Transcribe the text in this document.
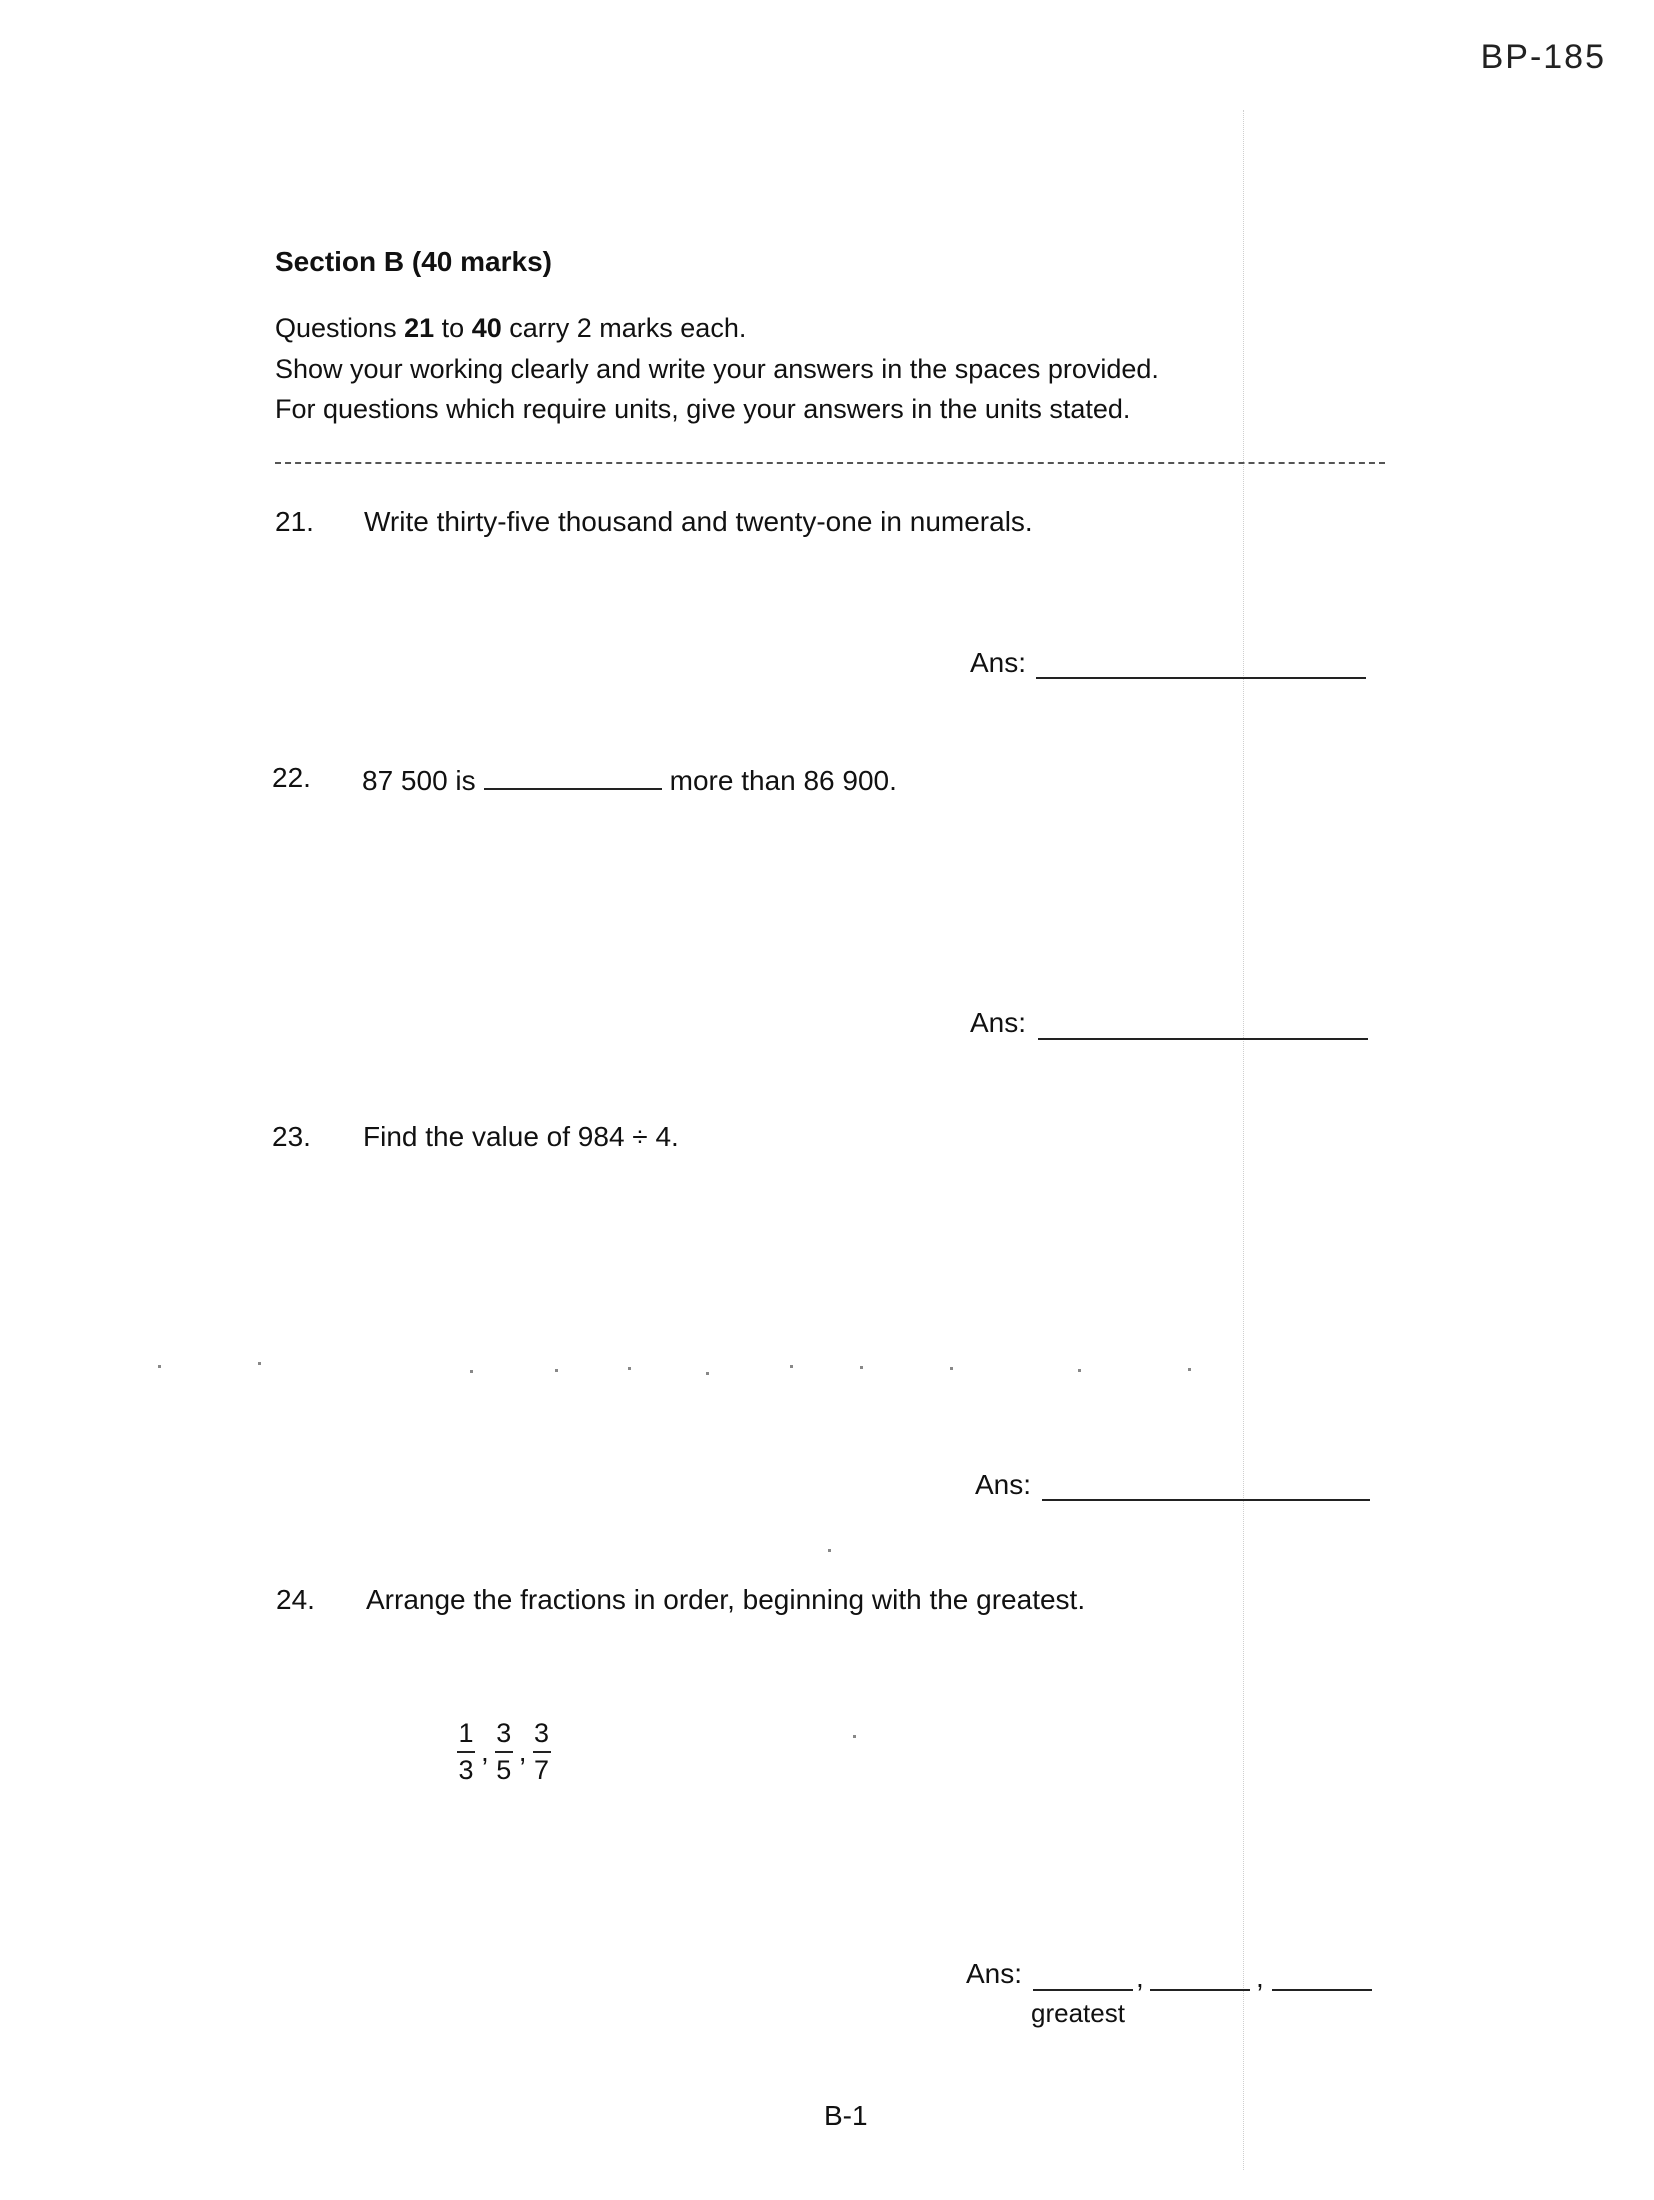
BP-185
Section B (40 marks)
Questions 21 to 40 carry 2 marks each.
Show your working clearly and write your answers in the spaces provided.
For questions which require units, give your answers in the units stated.
21. Write thirty-five thousand and twenty-one in numerals.
Ans:
22. 87 500 is	more than 86 900.
Ans:
23. Find the value of 984 ÷ 4.
Ans:
24. Arrange the fractions in order, beginning with the greatest.
$\frac{1}{3}$ , $\frac{3}{5}$ , $\frac{3}{7}$
Ans:	,	,
greatest
B-1
